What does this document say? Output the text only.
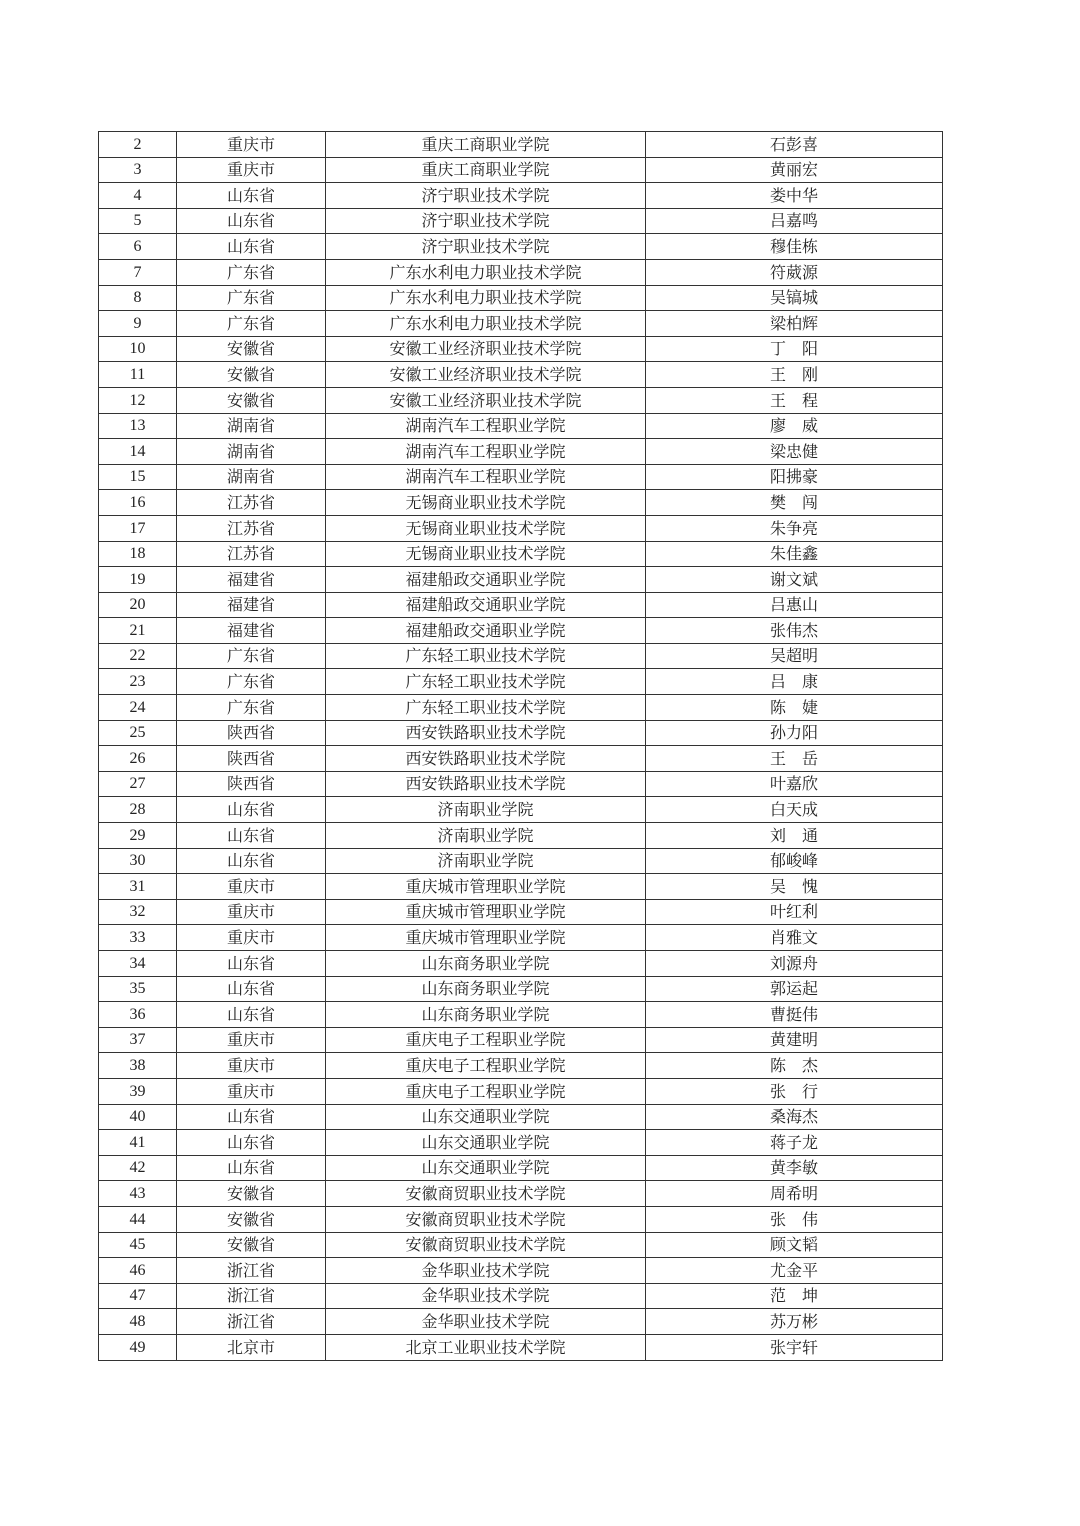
2	重庆市	重庆工商职业学院	石彭喜
3	重庆市	重庆工商职业学院	黄丽宏
4	山东省	济宁职业技术学院	娄中华
5	山东省	济宁职业技术学院	吕嘉鸣
6	山东省	济宁职业技术学院	穆佳栋
7	广东省	广东水利电力职业技术学院	符葳源
8	广东省	广东水利电力职业技术学院	吴镐城
9	广东省	广东水利电力职业技术学院	梁柏辉
10	安徽省	安徽工业经济职业技术学院	丁　阳
11	安徽省	安徽工业经济职业技术学院	王　刚
12	安徽省	安徽工业经济职业技术学院	王　程
13	湖南省	湖南汽车工程职业学院	廖　威
14	湖南省	湖南汽车工程职业学院	梁忠健
15	湖南省	湖南汽车工程职业学院	阳拂豪
16	江苏省	无锡商业职业技术学院	樊　闯
17	江苏省	无锡商业职业技术学院	朱争亮
18	江苏省	无锡商业职业技术学院	朱佳鑫
19	福建省	福建船政交通职业学院	谢文斌
20	福建省	福建船政交通职业学院	吕惠山
21	福建省	福建船政交通职业学院	张伟杰
22	广东省	广东轻工职业技术学院	吴超明
23	广东省	广东轻工职业技术学院	吕　康
24	广东省	广东轻工职业技术学院	陈　婕
25	陕西省	西安铁路职业技术学院	孙力阳
26	陕西省	西安铁路职业技术学院	王　岳
27	陕西省	西安铁路职业技术学院	叶嘉欣
28	山东省	济南职业学院	白天成
29	山东省	济南职业学院	刘　通
30	山东省	济南职业学院	郁峻峰
31	重庆市	重庆城市管理职业学院	吴　愧
32	重庆市	重庆城市管理职业学院	叶红利
33	重庆市	重庆城市管理职业学院	肖雅文
34	山东省	山东商务职业学院	刘源舟
35	山东省	山东商务职业学院	郭运起
36	山东省	山东商务职业学院	曹挺伟
37	重庆市	重庆电子工程职业学院	黄建明
38	重庆市	重庆电子工程职业学院	陈　杰
39	重庆市	重庆电子工程职业学院	张　行
40	山东省	山东交通职业学院	桑海杰
41	山东省	山东交通职业学院	蒋子龙
42	山东省	山东交通职业学院	黄李敏
43	安徽省	安徽商贸职业技术学院	周希明
44	安徽省	安徽商贸职业技术学院	张　伟
45	安徽省	安徽商贸职业技术学院	顾文韬
46	浙江省	金华职业技术学院	尤金平
47	浙江省	金华职业技术学院	范　坤
48	浙江省	金华职业技术学院	苏万彬
49	北京市	北京工业职业技术学院	张宇轩
